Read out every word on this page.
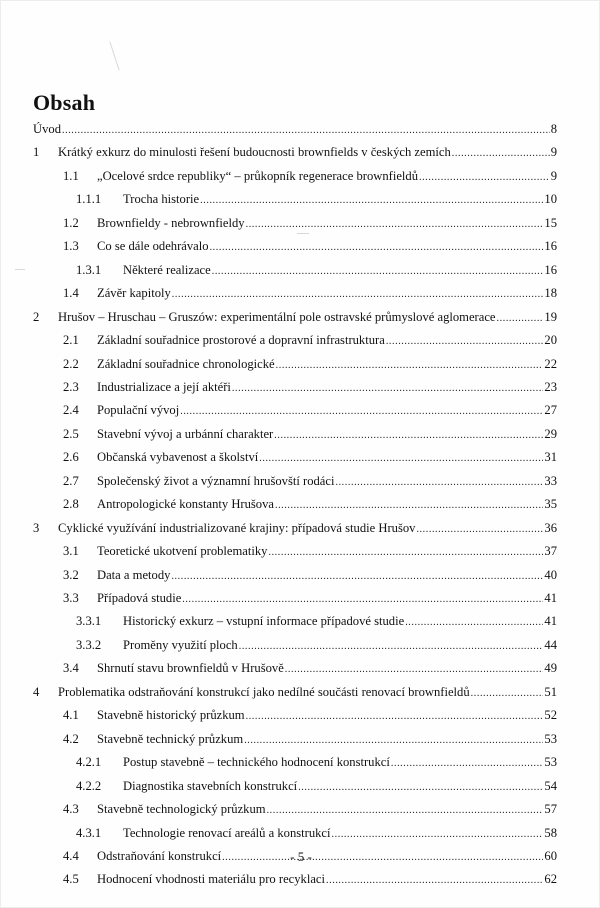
Obsah
Úvod .....	8
1	Krátký exkurz do minulosti řešení budoucnosti brownfields v českých zemích .....	9
1.1	„Ocelové srdce republiky“ – průkopník regenerace brownfieldů .....	9
1.1.1	Trocha historie .....	10
1.2	Brownfieldy - nebrownfieldy .....	15
1.3	Co se dále odehrávalo .....	16
1.3.1	Některé realizace .....	16
1.4	Závěr kapitoly .....	18
2	Hrušov – Hruschau – Gruszów: experimentální pole ostravské průmyslové aglomerace .....	19
2.1	Základní souřadnice prostorové a dopravní infrastruktura .....	20
2.2	Základní souřadnice chronologické .....	22
2.3	Industrializace a její aktéři .....	23
2.4	Populační vývoj .....	27
2.5	Stavební vývoj a urbánní charakter .....	29
2.6	Občanská vybavenost a školství .....	31
2.7	Společenský život a významní hrušovští rodáci .....	33
2.8	Antropologické konstanty Hrušova .....	35
3	Cyklické využívání industrializované krajiny: případová studie Hrušov .....	36
3.1	Teoretické ukotvení problematiky .....	37
3.2	Data a metody .....	40
3.3	Případová studie .....	41
3.3.1	Historický exkurz – vstupní informace případové studie .....	41
3.3.2	Proměny využití ploch .....	44
3.4	Shrnutí stavu brownfieldů v Hrušově .....	49
4	Problematika odstraňování konstrukcí jako nedílné součásti renovací brownfieldů .....	51
4.1	Stavebně historický průzkum .....	52
4.2	Stavebně technický průzkum .....	53
4.2.1	Postup stavebně – technického hodnocení konstrukcí .....	53
4.2.2	Diagnostika stavebních konstrukcí .....	54
4.3	Stavebně technologický průzkum .....	57
4.3.1	Technologie renovací areálů a konstrukcí .....	58
4.4	Odstraňování konstrukcí .....	60
4.5	Hodnocení vhodnosti materiálu pro recyklaci .....	62
- 5 -
